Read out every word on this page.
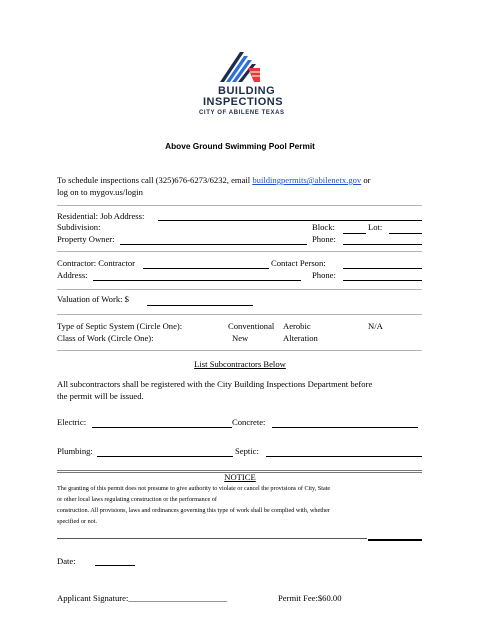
BUILDING
INSPECTIONS
CITY OF ABILENE TEXAS
Above Ground Swimming Pool Permit
To schedule inspections call (325)676-6273/6232, email buildingpermits@abilenetx.gov or
log on to mygov.us/login
Residential: Job Address:
Subdivision:	Block:	Lot:
Property Owner:	Phone:
Contractor: Contractor	Contact Person:
Address:	Phone:
Valuation of Work: $
Type of Septic System (Circle One):	Conventional Aerobic	N/A
Class of Work (Circle One):	New	Alteration
List Subcontractors Below
All subcontractors shall be registered with the City Building Inspections Department before
the permit will be issued.
Electric:	Concrete:
Plumbing:	Septic:
NOTICE
The granting of this permit does not presume to give authority to violate or cancel the provisions of City, State
or other local laws regulating construction or the performance of
construction. All provisions, laws and ordinances governing this type of work shall be complied with, whether
specified or not.
Date:
Applicant Signature:_______________________	Permit Fee:$60.00
